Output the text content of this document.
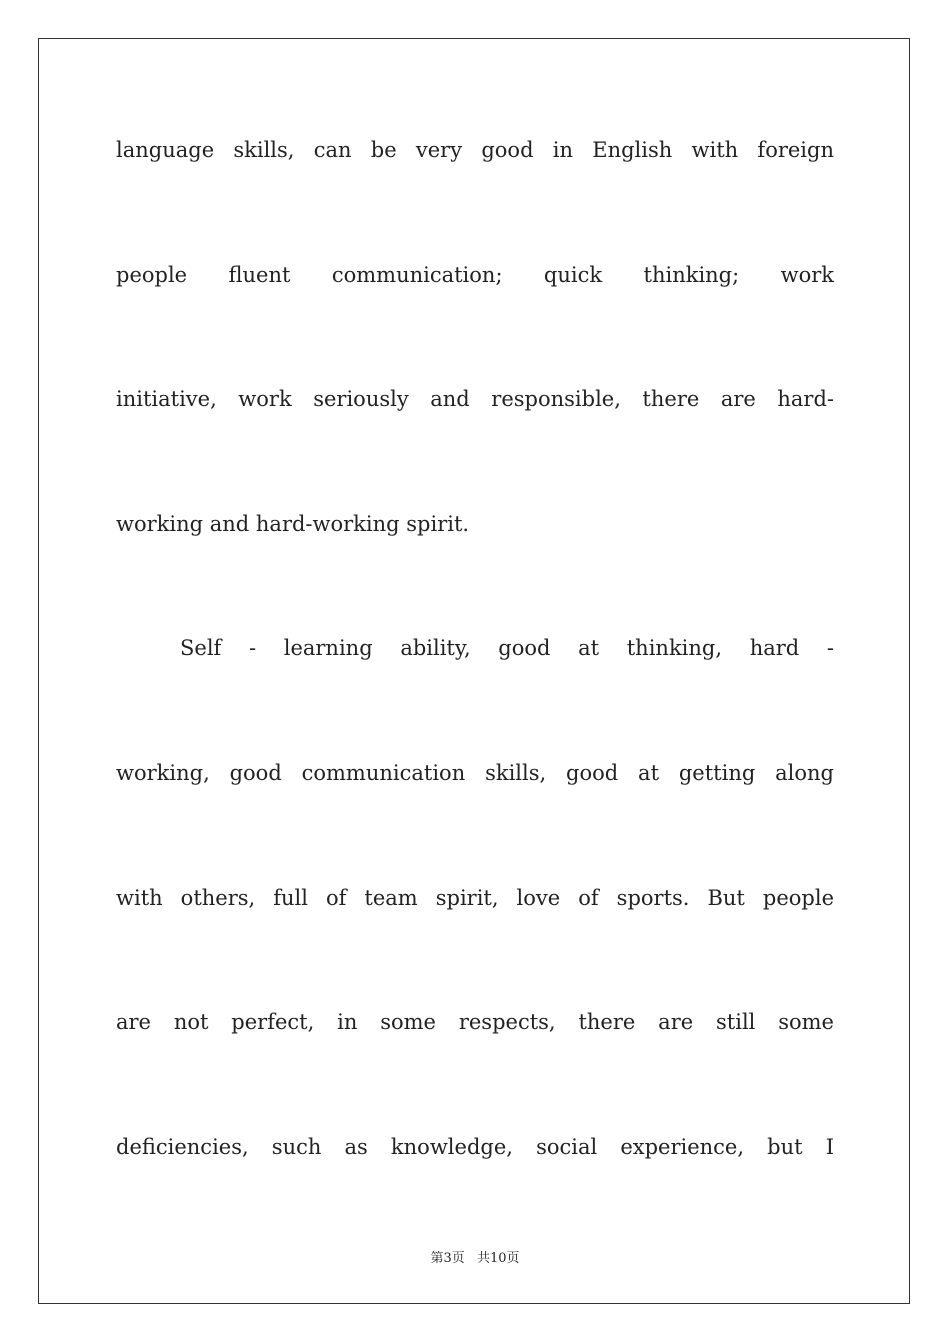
language skills, can be very good in English with foreign
people fluent communication; quick thinking; work
initiative, work seriously and responsible, there are hard-
working and hard-working spirit.
Self - learning ability, good at thinking, hard -
working, good communication skills, good at getting along
with others, full of team spirit, love of sports. But people
are not perfect, in some respects, there are still some
deficiencies, such as knowledge, social experience, but I
第3页 共10页
